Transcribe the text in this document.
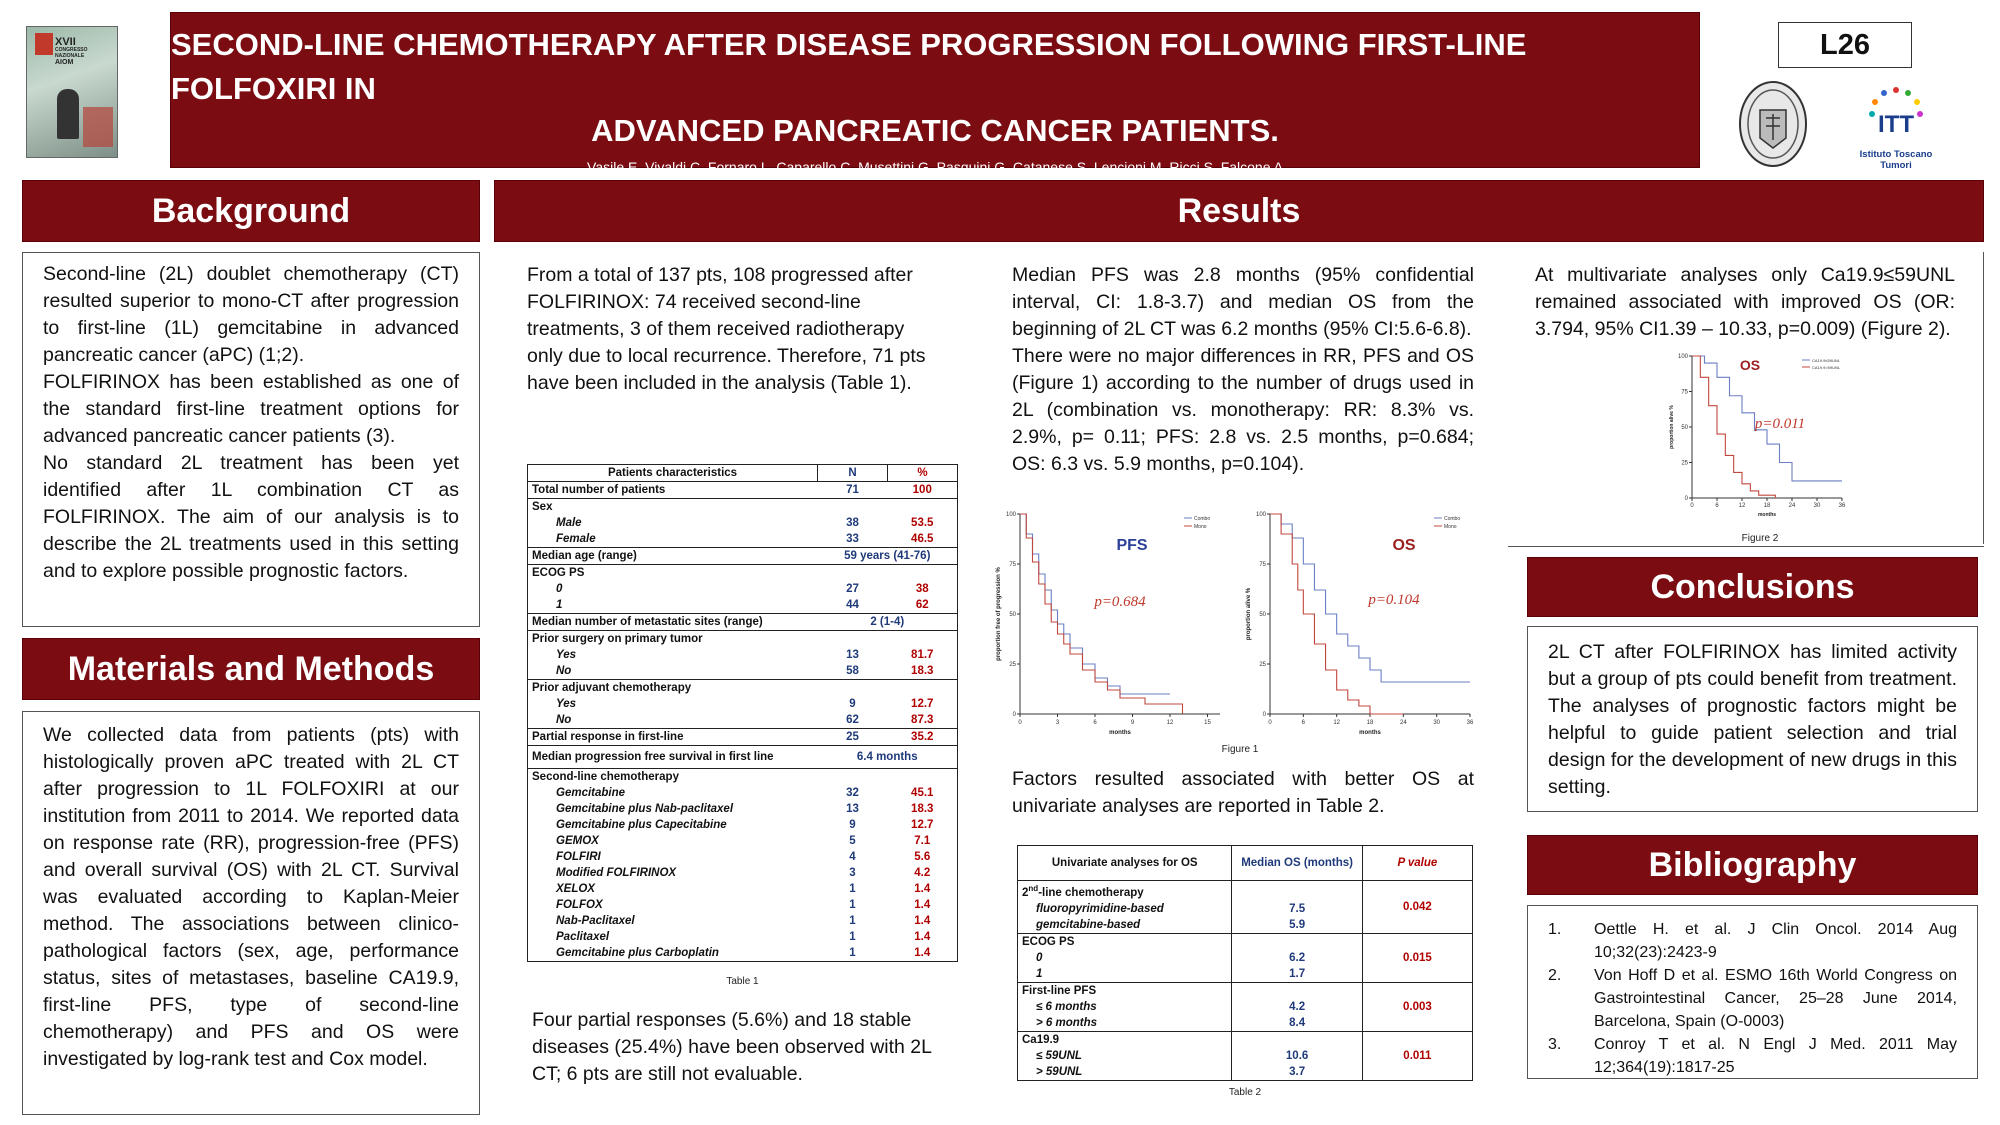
XVII
CONGRESSO
NAZIONALE
AIOM
SECOND-LINE CHEMOTHERAPY AFTER DISEASE PROGRESSION FOLLOWING FIRST-LINE FOLFOXIRI IN
ADVANCED PANCREATIC CANCER PATIENTS.
Vasile E, Vivaldi C, Fornaro L, Caparello C, Musettini G, Pasquini G, Catanese S, Lencioni M, Ricci S, Falcone A
L26
ITT
Istituto Toscano Tumori
Background

Second-line (2L) doublet chemotherapy (CT) resulted superior to mono-CT after progression to first-line (1L) gemcitabine in advanced pancreatic cancer (aPC) (1;2).

FOLFIRINOX has been established as one of the standard first-line treatment options for advanced pancreatic cancer patients (3).

No standard 2L treatment has been yet identified after 1L combination CT as FOLFIRINOX. The aim of our analysis is to describe the 2L treatments used in this setting and to explore possible prognostic factors.

Materials and Methods

We collected data from patients (pts) with histologically proven aPC treated with 2L CT after progression to 1L FOLFOXIRI at our institution from 2011 to 2014. We reported data on response rate (RR), progression-free (PFS) and overall survival (OS) with 2L CT. Survival was evaluated according to Kaplan-Meier method. The associations between clinico-pathological factors (sex, age, performance status, sites of metastases, baseline CA19.9, first-line PFS, type of second-line chemotherapy) and PFS and OS were investigated by log-rank test and Cox model.

Results
From a total of 137 pts, 108 progressed after FOLFIRINOX: 74 received second-line treatments, 3 of them received radiotherapy only due to local recurrence. Therefore, 71 pts have been included in the analysis (Table 1).
Patients characteristics	N	%
Total number of patients	71	100
Sex		
Male	38	53.5
Female	33	46.5
Median age (range)	59 years (41-76)	
ECOG PS		
0	27	38
1	44	62
Median number of metastatic sites (range)	2 (1-4)	
Prior surgery on primary tumor		
Yes	13	81.7
No	58	18.3
Prior adjuvant chemotherapy		
Yes	9	12.7
No	62	87.3
Partial response in first-line	25	35.2
Median progression free survival in first line	6.4 months	
Second-line chemotherapy		
Gemcitabine	32	45.1
Gemcitabine plus Nab-paclitaxel	13	18.3
Gemcitabine plus Capecitabine	9	12.7
GEMOX	5	7.1
FOLFIRI	4	5.6
Modified FOLFIRINOX	3	4.2
XELOX	1	1.4
FOLFOX	1	1.4
Nab-Paclitaxel	1	1.4
Paclitaxel	1	1.4
Gemcitabine plus Carboplatin	1	1.4
Table 1
Four partial responses (5.6%) and 18 stable diseases (25.4%) have been observed with 2L CT; 6 pts are still not evaluable.

Median PFS was 2.8 months (95% confidential interval, CI: 1.8-3.7) and median OS from the beginning of 2L CT was 6.2 months (95% CI:5.6-6.8).

There were no major differences in RR, PFS and OS (Figure 1) according to the number of drugs used in 2L (combination vs. monotherapy: RR: 8.3% vs. 2.9%, p= 0.11; PFS: 2.8 vs. 2.5 months, p=0.684; OS: 6.3 vs. 5.9 months, p=0.104).

0
25
50
75
100
0	3	6	9	12	15
months
proportion free of progression %
Combo
Mono
PFS
p=0.684
0
25
50
75
100
0	6	12	18	24	30	36
months
proportion alive %
Combo
Mono
OS
p=0.104
Figure 1
Factors resulted associated with better OS at univariate analyses are reported in Table 2.
Univariate analyses for OS	Median OS (months)	P value
2nd-line chemotherapy		0.042
fluoropyrimidine-based	7.5	
gemcitabine-based	5.9	
ECOG PS		0.015
0	6.2	
1	1.7	
First-line PFS		0.003
≤ 6 months	4.2	
> 6 months	8.4	
Ca19.9		0.011
≤ 59UNL	10.6	
> 59UNL	3.7	
Table 2
At multivariate analyses only Ca19.9≤59UNL remained associated with improved OS (OR: 3.794, 95% CI1.39 – 10.33, p=0.009) (Figure 2).
0
25
50
75
100
0	6	12	18	24	30	36
months
proportion alive %
CA19.9≤59UNL
CA19.9>59UNL
OS
p=0.011
Figure 2
Conclusions

2L CT after FOLFIRINOX has limited activity but a group of pts could benefit from treatment. The analyses of prognostic factors might be helpful to guide patient selection and trial design for the development of new drugs in this setting.

Bibliography
1.	Oettle H. et al. J Clin Oncol. 2014 Aug 10;32(23):2423-9
2.	Von Hoff D et al. ESMO 16th World Congress on Gastrointestinal Cancer, 25–28 June 2014, Barcelona, Spain (O-0003)
3.	Conroy T et al. N Engl J Med. 2011 May 12;364(19):1817-25
